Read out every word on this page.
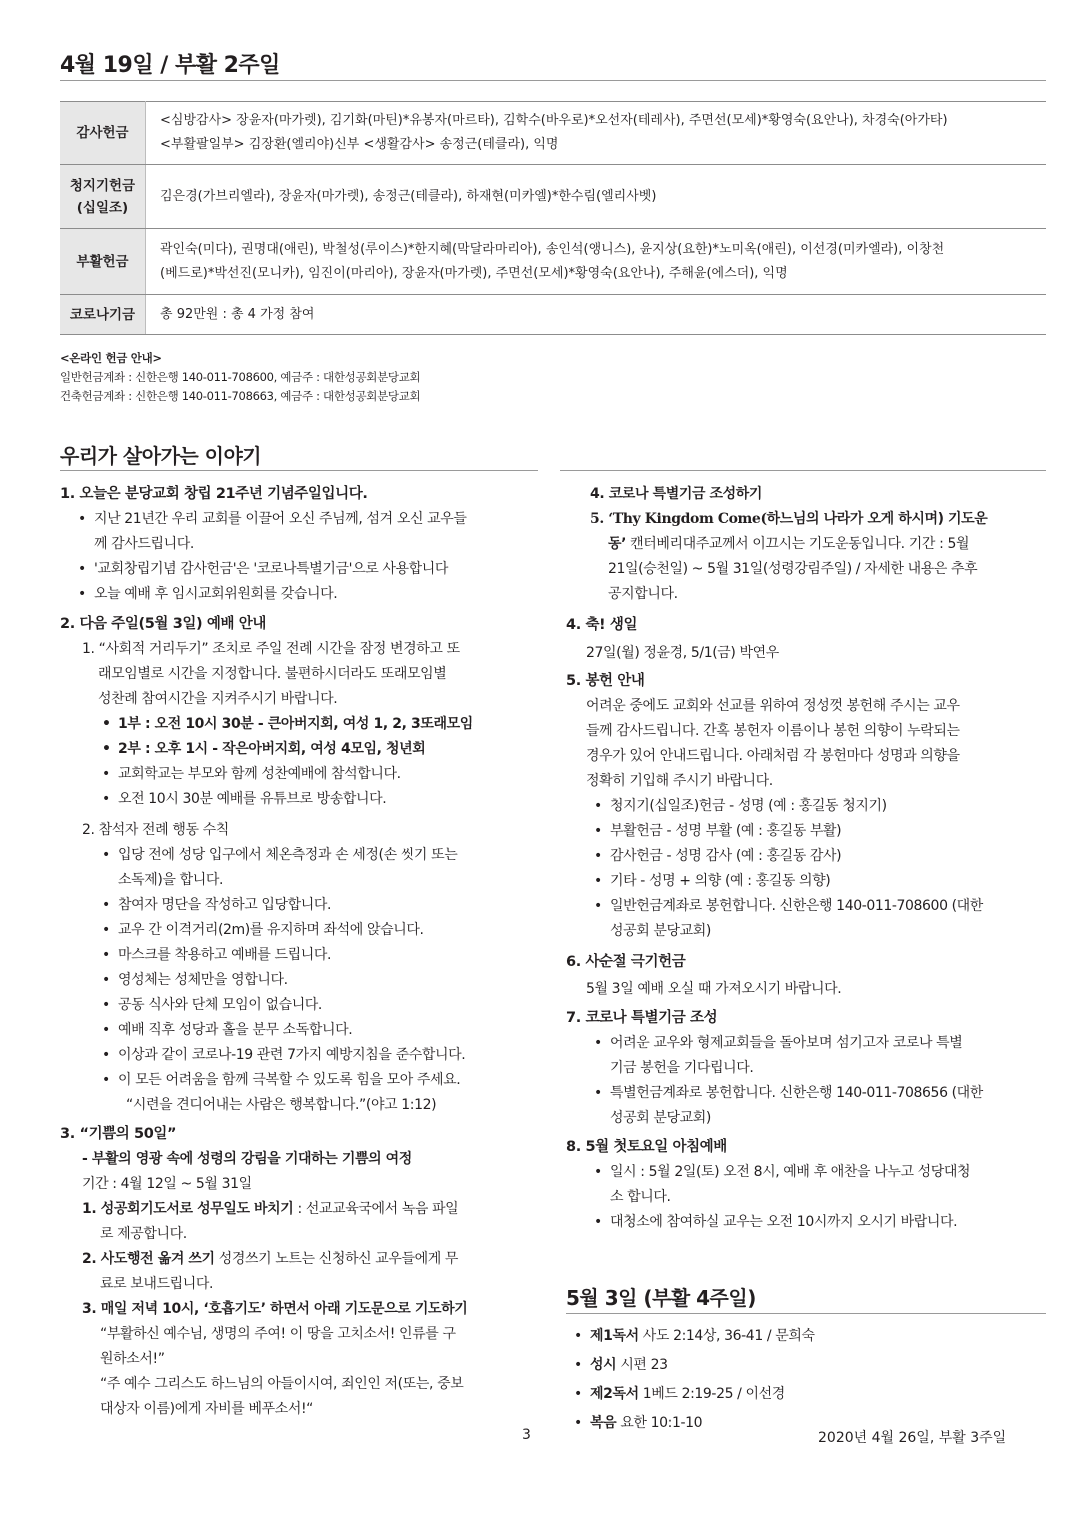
4월 19일 / 부활 2주일
감사헌금	<심방감사> 장윤자(마가렛), 김기화(마틴)*유봉자(마르타), 김학수(바우로)*오선자(테레사), 주면선(모세)*황영숙(요안나), 차경숙(아가타)
<부활팔일부> 김장환(엘리야)신부 <생활감사> 송정근(테클라), 익명

청지기헌금
(십일조)	김은경(가브리엘라), 장윤자(마가렛), 송정근(테클라), 하재현(미카엘)*한수림(엘리사벳)
부활헌금	곽인숙(미다), 권명대(애린), 박철성(루이스)*한지혜(막달라마리아), 송인석(앵니스), 윤지상(요한)*노미옥(애린), 이선경(미카엘라), 이창천
(베드로)*박선진(모니카), 임진이(마리아), 장윤자(마가렛), 주면선(모세)*황영숙(요안나), 주해윤(에스더), 익명

코로나기금	총 92만원 : 총 4 가정 참여
<온라인 헌금 안내>
일반헌금계좌 : 신한은행 140-011-708600, 예금주 : 대한성공회분당교회
건축헌금계좌 : 신한은행 140-011-708663, 예금주 : 대한성공회분당교회
우리가 살아가는 이야기
1. 오늘은 분당교회 창립 21주년 기념주일입니다.
• 지난 21년간 우리 교회를 이끌어 오신 주님께, 섬겨 오신 교우들
께 감사드립니다.
• '교회창립기념 감사헌금'은 '코로나특별기금'으로 사용합니다
• 오늘 예배 후 임시교회위원회를 갖습니다.
2. 다음 주일(5월 3일) 예배 안내
1. “사회적 거리두기” 조치로 주일 전례 시간을 잠정 변경하고 또
래모임별로 시간을 지정합니다. 불편하시더라도 또래모임별
성찬례 참여시간을 지켜주시기 바랍니다.
• 1부 : 오전 10시 30분 - 큰아버지회, 여성 1, 2, 3또래모임
• 2부 : 오후 1시 - 작은아버지회, 여성 4모임, 청년회
• 교회학교는 부모와 함께 성찬예배에 참석합니다.
• 오전 10시 30분 예배를 유튜브로 방송합니다.
2. 참석자 전례 행동 수칙
• 입당 전에 성당 입구에서 체온측정과 손 세정(손 씻기 또는
소독제)을 합니다.
• 참여자 명단을 작성하고 입당합니다.
• 교우 간 이격거리(2m)를 유지하며 좌석에 앉습니다.
• 마스크를 착용하고 예배를 드립니다.
• 영성체는 성체만을 영합니다.
• 공동 식사와 단체 모임이 없습니다.
• 예배 직후 성당과 홀을 분무 소독합니다.
• 이상과 같이 코로나-19 관련 7가지 예방지침을 준수합니다.
• 이 모든 어려움을 함께 극복할 수 있도록 힘을 모아 주세요.
“시련을 견디어내는 사람은 행복합니다.”(야고 1:12)
3. “기쁨의 50일”
- 부활의 영광 속에 성령의 강림을 기대하는 기쁨의 여정
기간 : 4월 12일 ~ 5월 31일
1. 성공회기도서로 성무일도 바치기 : 선교교육국에서 녹음 파일
로 제공합니다.
2. 사도행전 옮겨 쓰기 성경쓰기 노트는 신청하신 교우들에게 무
료로 보내드립니다.
3. 매일 저녁 10시, ‘호흡기도’ 하면서 아래 기도문으로 기도하기
“부활하신 예수님, 생명의 주여! 이 땅을 고치소서! 인류를 구
원하소서!”
“주 예수 그리스도 하느님의 아들이시여, 죄인인 저(또는, 중보
대상자 이름)에게 자비를 베푸소서!“
4. 코로나 특별기금 조성하기
5. ‘Thy Kingdom Come(하느님의 나라가 오게 하시며) 기도운
동’ 캔터베리대주교께서 이끄시는 기도운동입니다. 기간 : 5월
21일(승천일) ~ 5월 31일(성령강림주일) / 자세한 내용은 추후
공지합니다.
4. 축! 생일
27일(월) 정윤경, 5/1(금) 박연우
5. 봉헌 안내
어려운 중에도 교회와 선교를 위하여 정성껏 봉헌해 주시는 교우
들께 감사드립니다. 간혹 봉헌자 이름이나 봉헌 의향이 누락되는
경우가 있어 안내드립니다. 아래처럼 각 봉헌마다 성명과 의향을
정확히 기입해 주시기 바랍니다.
• 청지기(십일조)헌금 - 성명 (예 : 홍길동 청지기)
• 부활헌금 - 성명 부활 (예 : 홍길동 부활)
• 감사헌금 - 성명 감사 (예 : 홍길동 감사)
• 기타 - 성명 + 의향 (예 : 홍길동 의향)
• 일반헌금계좌로 봉헌합니다. 신한은행 140-011-708600 (대한
성공회 분당교회)
6. 사순절 극기헌금
5월 3일 예배 오실 때 가져오시기 바랍니다.
7. 코로나 특별기금 조성
• 어려운 교우와 형제교회들을 돌아보며 섬기고자 코로나 특별
기금 봉헌을 기다립니다.
• 특별헌금계좌로 봉헌합니다. 신한은행 140-011-708656 (대한
성공회 분당교회)
8. 5월 첫토요일 아침예배
• 일시 : 5월 2일(토) 오전 8시, 예배 후 애찬을 나누고 성당대청
소 합니다.
• 대청소에 참여하실 교우는 오전 10시까지 오시기 바랍니다.
5월 3일 (부활 4주일)
• 제1독서 사도 2:14상, 36-41 / 문희숙
• 성시 시편 23
• 제2독서 1베드 2:19-25 / 이선경
• 복음 요한 10:1-10
3	2020년 4월 26일, 부활 3주일
